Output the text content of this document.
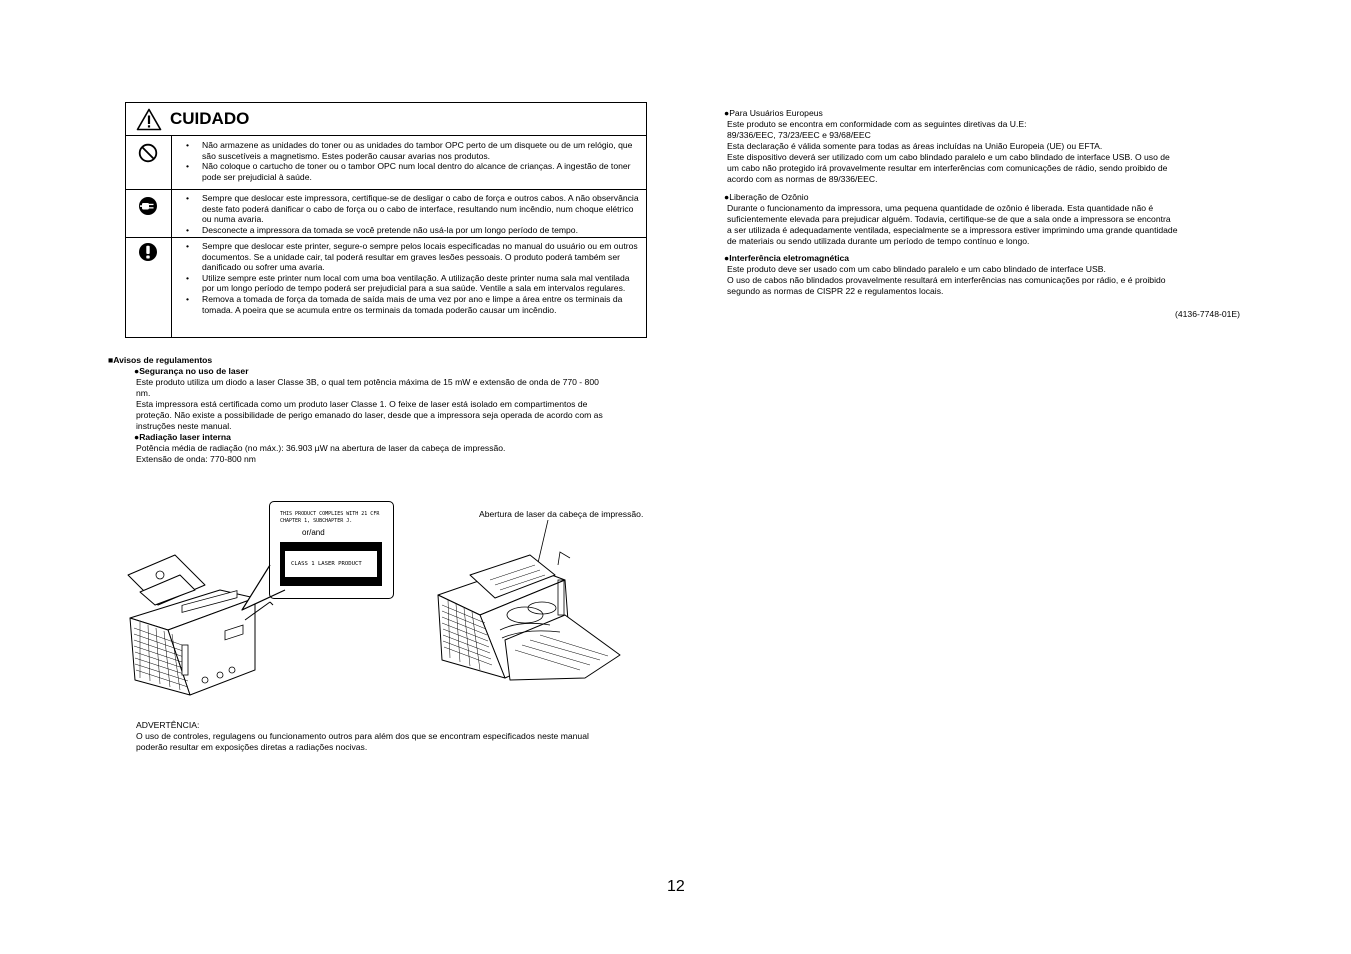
CUIDADO
• Não armazene as unidades do toner ou as unidades do tambor OPC perto de um disquete ou de um relógio, que são suscetíveis a magnetismo. Estes poderão causar avarias nos produtos.
• Não coloque o cartucho de toner ou o tambor OPC num local dentro do alcance de crianças. A ingestão de toner pode ser prejudicial à saúde.
• Sempre que deslocar este impressora, certifique-se de desligar o cabo de força e outros cabos. A não observância deste fato poderá danificar o cabo de força ou o cabo de interface, resultando num incêndio, num choque elétrico ou numa avaria.
• Desconecte a impressora da tomada se você pretende não usá-la por um longo período de tempo.
• Sempre que deslocar este printer, segure-o sempre pelos locais especificadas no manual do usuário ou em outros documentos. Se a unidade cair, tal poderá resultar em graves lesões pessoais. O produto poderá também ser danificado ou sofrer uma avaria.
• Utilize sempre este printer num local com uma boa ventilação. A utilização deste printer numa sala mal ventilada por um longo período de tempo poderá ser prejudicial para a sua saúde. Ventile a sala em intervalos regulares.
• Remova a tomada de força da tomada de saída mais de uma vez por ano e limpe a área entre os terminais da tomada. A poeira que se acumula entre os terminais da tomada poderão causar um incêndio.
■Avisos de regulamentos
●Segurança no uso de laser
Este produto utiliza um diodo a laser Classe 3B, o qual tem potência máxima de 15 mW e extensão de onda de 770 - 800
nm.
Esta impressora está certificada como um produto laser Classe 1. O feixe de laser está isolado em compartimentos de
proteção. Não existe a possibilidade de perigo emanado do laser, desde que a impressora seja operada de acordo com as
instruções neste manual.
●Radiação laser interna
Potência média de radiação (no máx.): 36.903 µW na abertura de laser da cabeça de impressão.
Extensão de onda: 770-800 nm
THIS PRODUCT COMPLIES WITH 21 CFR
CHAPTER 1, SUBCHAPTER J.
or/and
CLASS 1 LASER PRODUCT
Abertura de laser da cabeça de impressão.
ADVERTÊNCIA:
O uso de controles, regulagens ou funcionamento outros para além dos que se encontram especificados neste manual
poderão resultar em exposições diretas a radiações nocivas.
●Para Usuários Europeus
Este produto se encontra em conformidade com as seguintes diretivas da U.E:
89/336/EEC, 73/23/EEC e 93/68/EEC
Esta declaração é válida somente para todas as áreas incluídas na União Europeia (UE) ou EFTA.
Este dispositivo deverá ser utilizado com um cabo blindado paralelo e um cabo blindado de interface USB. O uso de
um cabo não protegido irá provavelmente resultar em interferências com comunicações de rádio, sendo proibido de
acordo com as normas de 89/336/EEC.
●Liberação de Ozônio
Durante o funcionamento da impressora, uma pequena quantidade de ozônio é liberada. Esta quantidade não é
suficientemente elevada para prejudicar alguém. Todavia, certifique-se de que a sala onde a impressora se encontra
a ser utilizada é adequadamente ventilada, especialmente se a impressora estiver imprimindo uma grande quantidade
de materiais ou sendo utilizada durante um período de tempo contínuo e longo.
●Interferência eletromagnética
Este produto deve ser usado com um cabo blindado paralelo e um cabo blindado de interface USB.
O uso de cabos não blindados provavelmente resultará em interferências nas comunicações por rádio, e é proibido
segundo as normas de CISPR 22 e regulamentos locais.
(4136-7748-01E)
12
